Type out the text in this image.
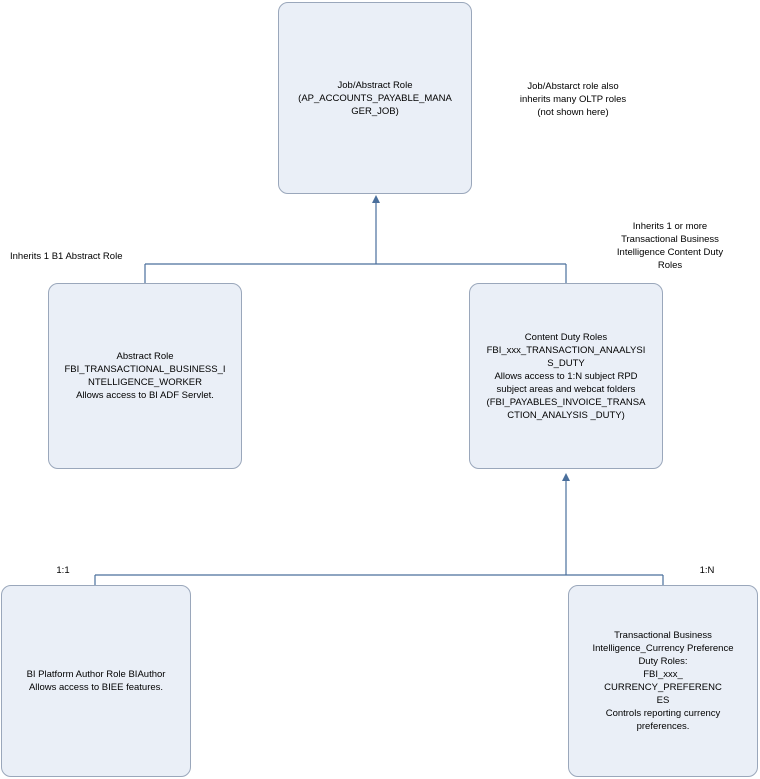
Job/Abstract Role
(AP_ACCOUNTS_PAYABLE_MANA
GER_JOB)
Abstract Role
FBI_TRANSACTIONAL_BUSINESS_I
NTELLIGENCE_WORKER
Allows access to BI ADF Servlet.
Content Duty Roles
FBI_xxx_TRANSACTION_ANAALYSI
S_DUTY
Allows access to 1:N subject RPD
subject areas and webcat folders
(FBI_PAYABLES_INVOICE_TRANSA
CTION_ANALYSIS _DUTY)
BI Platform Author Role BIAuthor
Allows access to BIEE features.
Transactional Business
Intelligence_Currency Preference
Duty Roles:
FBI_xxx_
CURRENCY_PREFERENC
ES
Controls reporting currency
preferences.
Job/Abstarct role also
inherits many OLTP roles
(not shown here)
Inherits 1 B1 Abstract Role
Inherits 1 or more
Transactional Business
Intelligence Content Duty
Roles
1:1	1:N
